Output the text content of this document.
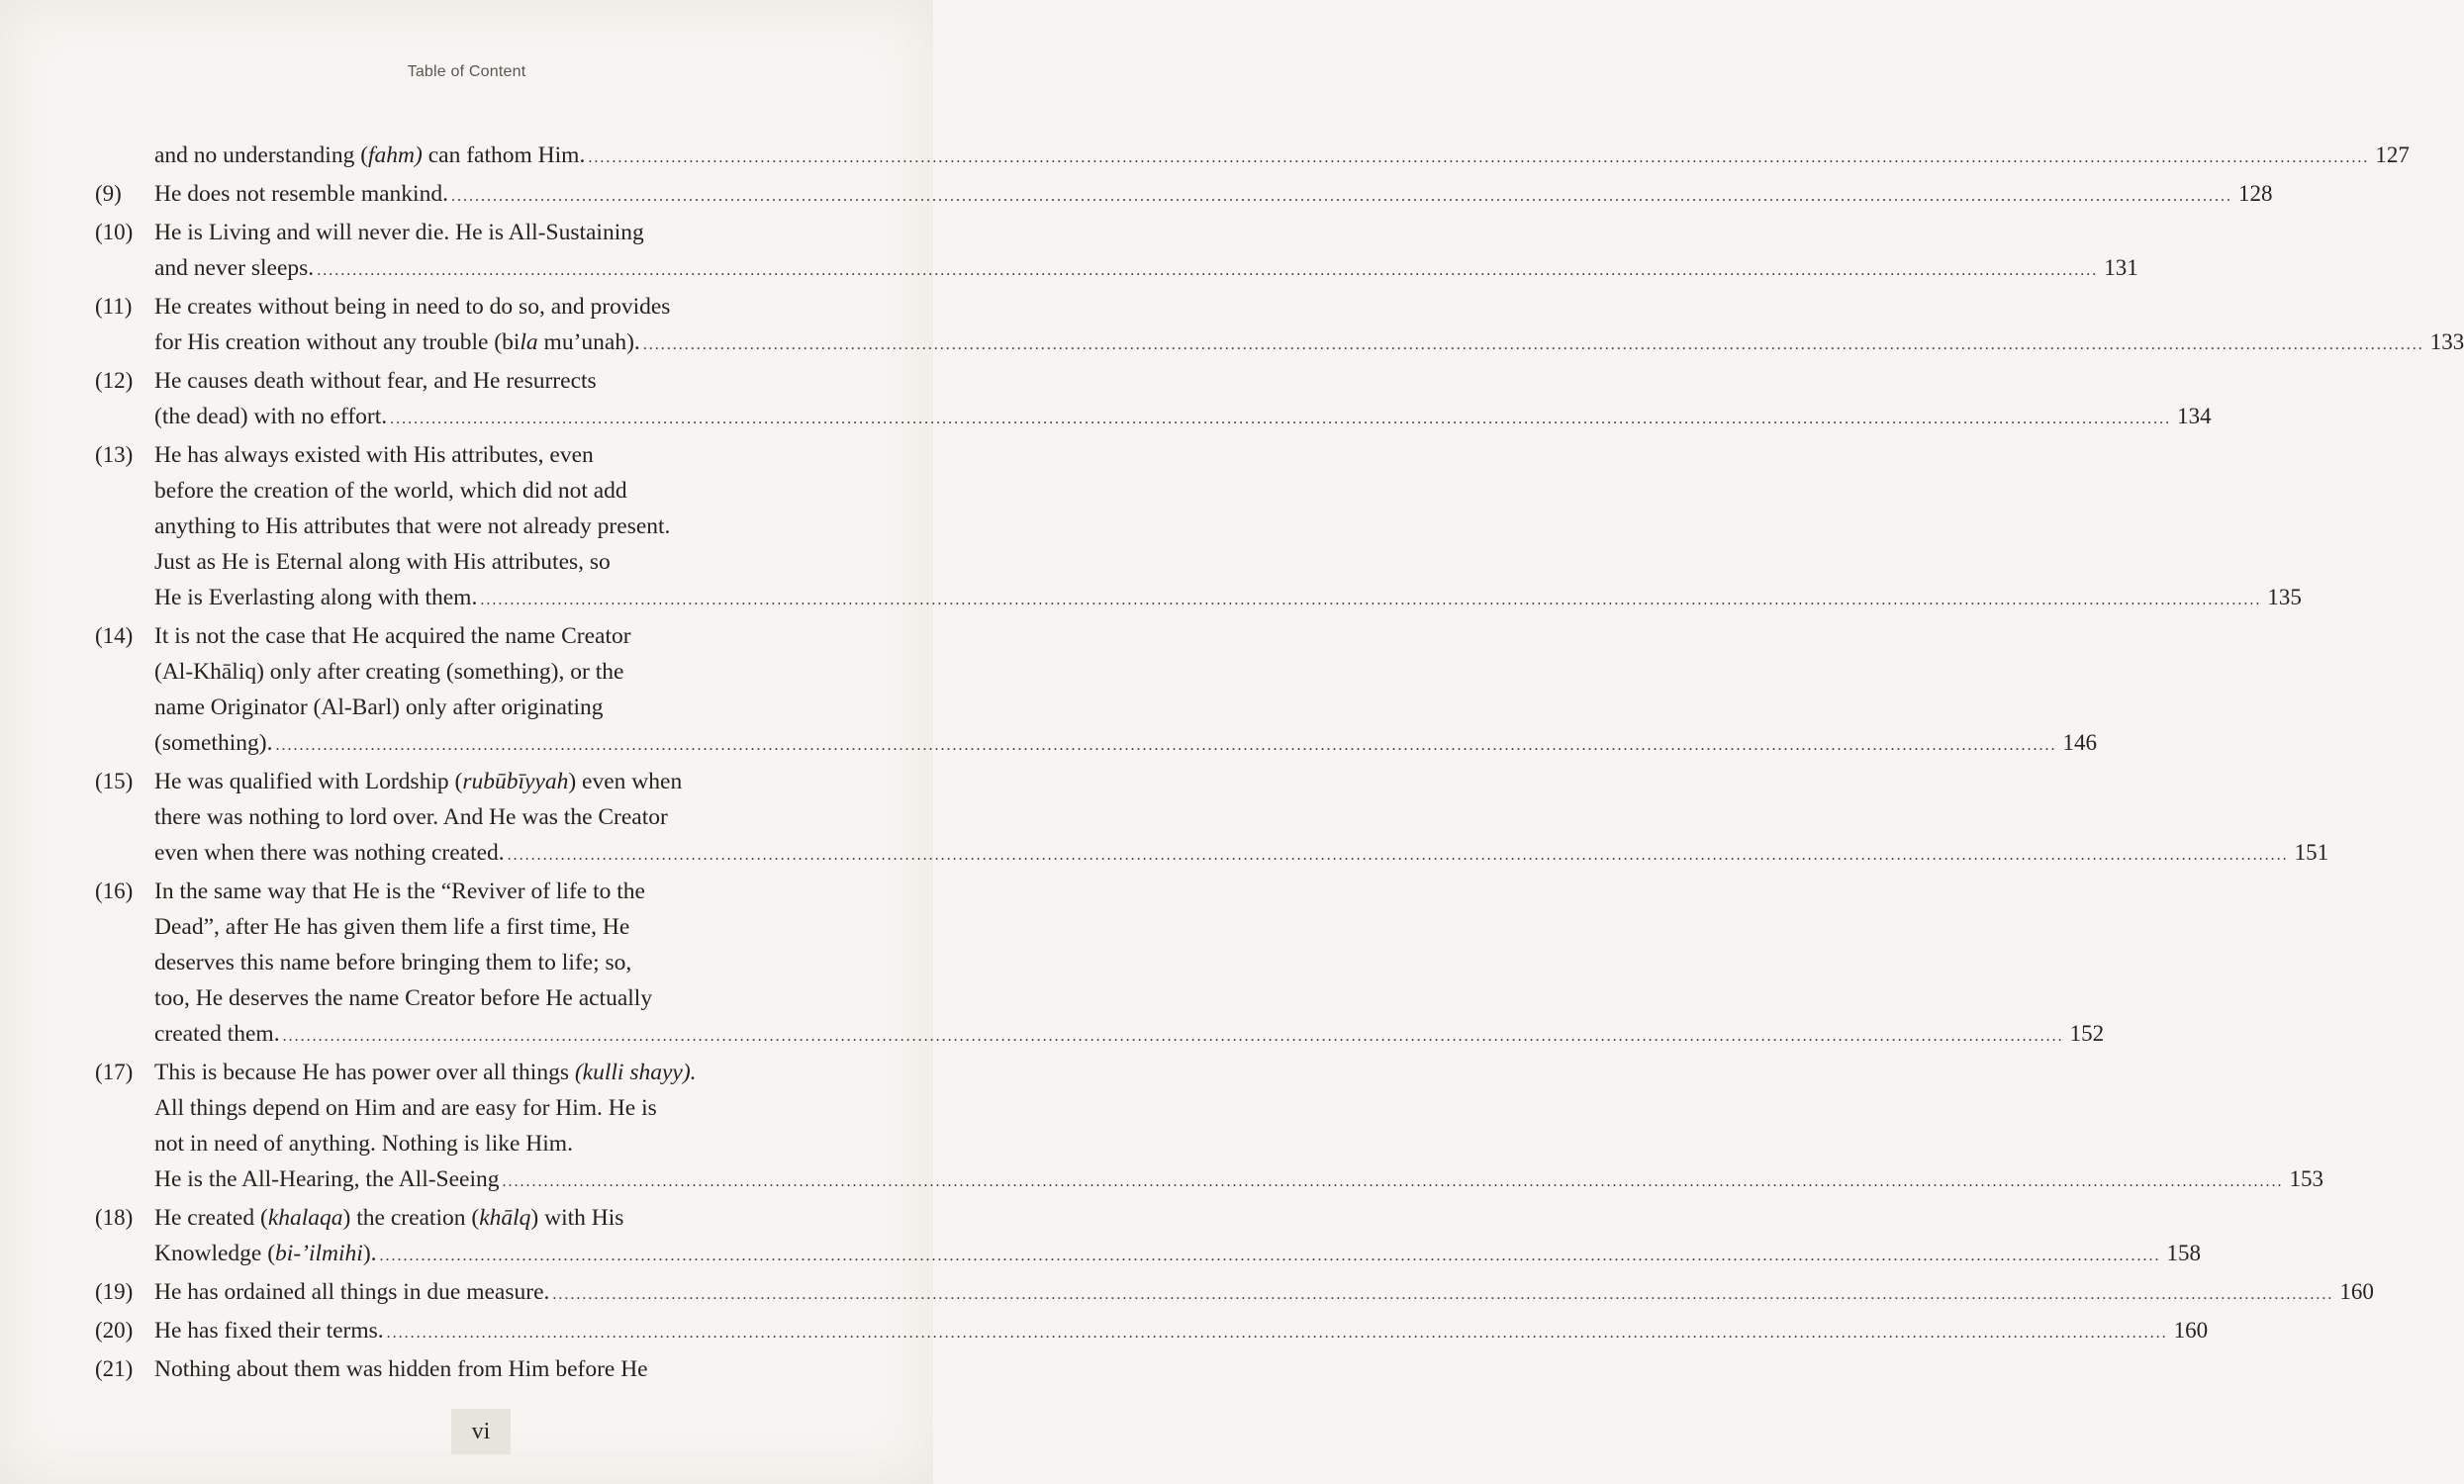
Table of Content
and no understanding (fahm) can fathom Him. ............................................................................................................................................................................................................................................................................................................ 127
(9)	He does not resemble mankind. ............................................................................................................................................................................................................................................................................................................ 128
(10) He is Living and will never die. He is All-Sustaining
and never sleeps. ............................................................................................................................................................................................................................................................................................................ 131
(11) He creates without being in need to do so, and provides
for His creation without any trouble (bila mu’unah). ............................................................................................................................................................................................................................................................................................................ 133
(12) He causes death without fear, and He resurrects
(the dead) with no effort. ............................................................................................................................................................................................................................................................................................................ 134
(13) He has always existed with His attributes, even
before the creation of the world, which did not add
anything to His attributes that were not already present.
Just as He is Eternal along with His attributes, so
He is Everlasting along with them. ............................................................................................................................................................................................................................................................................................................ 135
(14) It is not the case that He acquired the name Creator
(Al-Khāliq) only after creating (something), or the
name Originator (Al-Barl) only after originating
(something). ............................................................................................................................................................................................................................................................................................................ 146
(15) He was qualified with Lordship (rubūbīyyah) even when
there was nothing to lord over. And He was the Creator
even when there was nothing created. ............................................................................................................................................................................................................................................................................................................ 151
(16) In the same way that He is the “Reviver of life to the
Dead”, after He has given them life a first time, He
deserves this name before bringing them to life; so,
too, He deserves the name Creator before He actually
created them. ............................................................................................................................................................................................................................................................................................................ 152
(17) This is because He has power over all things (kulli shayy).
All things depend on Him and are easy for Him. He is
not in need of anything. Nothing is like Him.
He is the All-Hearing, the All-Seeing ............................................................................................................................................................................................................................................................................................................ 153
(18) He created (khalaqa) the creation (khālq) with His
Knowledge (bi-’ilmihi). ............................................................................................................................................................................................................................................................................................................ 158
(19) He has ordained all things in due measure. ............................................................................................................................................................................................................................................................................................................ 160
(20) He has fixed their terms. ............................................................................................................................................................................................................................................................................................................ 160
(21) Nothing about them was hidden from Him before He
vi
